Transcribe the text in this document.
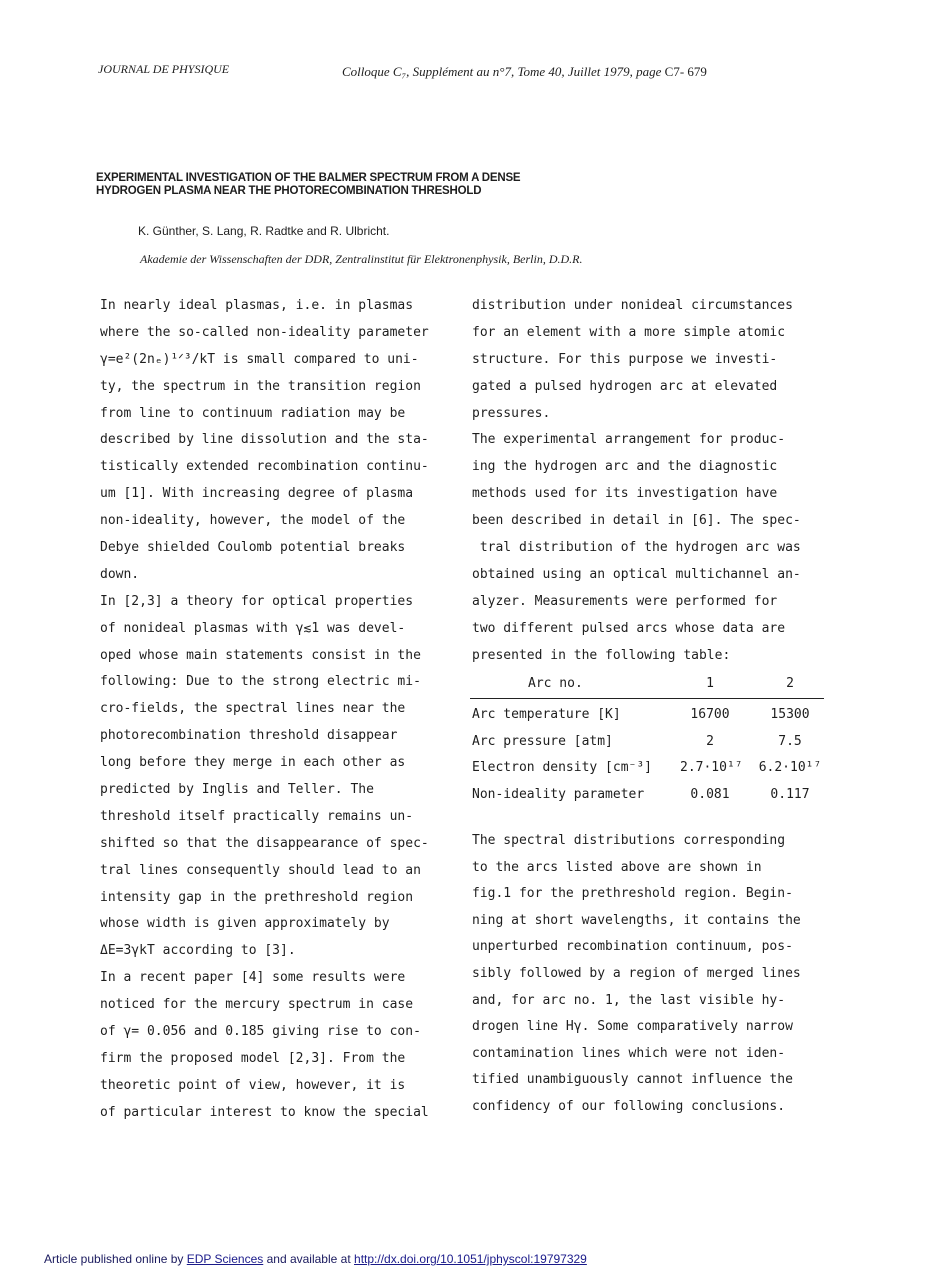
JOURNAL DE PHYSIQUE	Colloque C₇, Supplément au n°7, Tome 40, Juillet 1979, page C7- 679
EXPERIMENTAL INVESTIGATION OF THE BALMER SPECTRUM FROM A DENSE
HYDROGEN PLASMA NEAR THE PHOTORECOMBINATION THRESHOLD
K. Günther, S. Lang, R. Radtke and R. Ulbricht.
Akademie der Wissenschaften der DDR, Zentralinstitut für Elektronenphysik, Berlin, D.D.R.
In nearly ideal plasmas, i.e. in plasmas
where the so-called non-ideality parameter
γ=e²(2nₑ)¹ᐟ³/kT is small compared to uni-
ty, the spectrum in the transition region
from line to continuum radiation may be
described by line dissolution and the sta-
tistically extended recombination continu-
um [1]. With increasing degree of plasma
non-ideality, however, the model of the
Debye shielded Coulomb potential breaks
down.
In [2,3] a theory for optical properties
of nonideal plasmas with γ≲1 was devel-
oped whose main statements consist in the
following: Due to the strong electric mi-
cro-fields, the spectral lines near the
photorecombination threshold disappear
long before they merge in each other as
predicted by Inglis and Teller. The
threshold itself practically remains un-
shifted so that the disappearance of spec-
tral lines consequently should lead to an
intensity gap in the prethreshold region
whose width is given approximately by
ΔE=3γkT according to [3].
In a recent paper [4] some results were
noticed for the mercury spectrum in case
of γ= 0.056 and 0.185 giving rise to con-
firm the proposed model [2,3]. From the
theoretic point of view, however, it is
of particular interest to know the special
distribution under nonideal circumstances
for an element with a more simple atomic
structure. For this purpose we investi-
gated a pulsed hydrogen arc at elevated
pressures.
The experimental arrangement for produc-
ing the hydrogen arc and the diagnostic
methods used for its investigation have
been described in detail in [6]. The spec-
tral distribution of the hydrogen arc was
obtained using an optical multichannel an-
alyzer. Measurements were performed for
two different pulsed arcs whose data are
presented in the following table:
Arc no.	1	2
Arc temperature [K]	16700	15300
Arc pressure [atm]	2	7.5
Electron density [cm⁻³] 2.7·10¹⁷ 6.2·10¹⁷
Non-ideality parameter	0.081	0.117
The spectral distributions corresponding
to the arcs listed above are shown in
fig.1 for the prethreshold region. Begin-
ning at short wavelengths, it contains the
unperturbed recombination continuum, pos-
sibly followed by a region of merged lines
and, for arc no. 1, the last visible hy-
drogen line Hγ. Some comparatively narrow
contamination lines which were not iden-
tified unambiguously cannot influence the
confidency of our following conclusions.
Article published online by EDP Sciences and available at http://dx.doi.org/10.1051/jphyscol:19797329
